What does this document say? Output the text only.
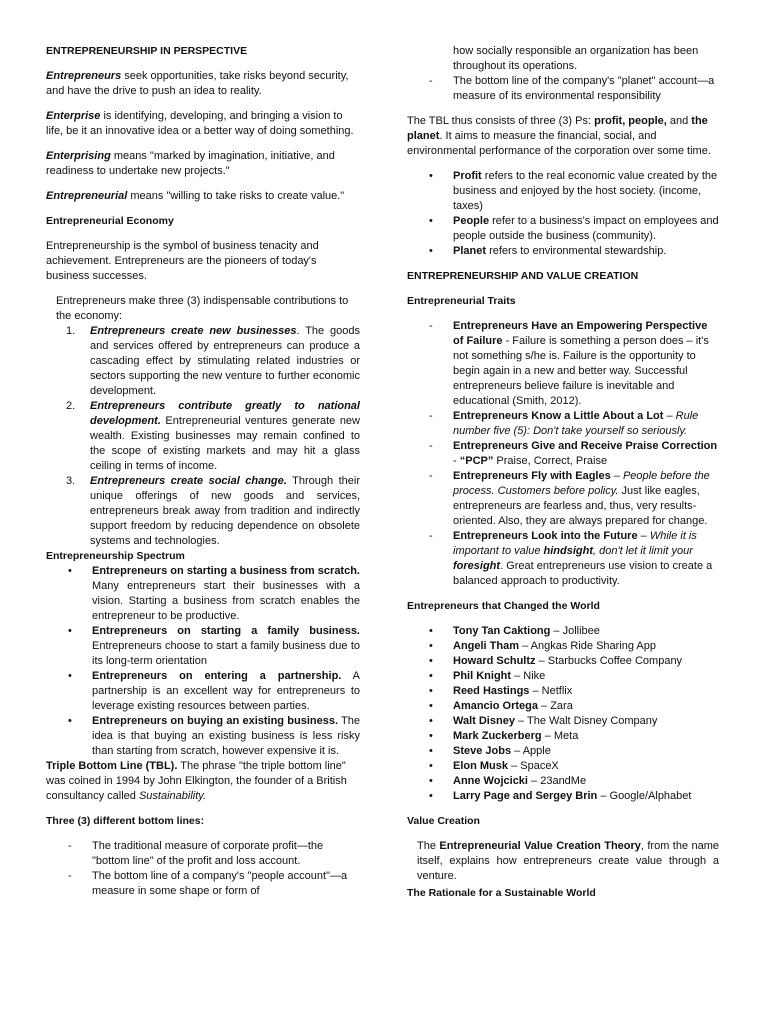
ENTREPRENEURSHIP IN PERSPECTIVE

Entrepreneurs seek opportunities, take risks beyond security, and have the drive to push an idea to reality.

Enterprise is identifying, developing, and bringing a vision to life, be it an innovative idea or a better way of doing something.

Enterprising means "marked by imagination, initiative, and readiness to undertake new projects."

Entrepreneurial means "willing to take risks to create value."

Entrepreneurial Economy

Entrepreneurship is the symbol of business tenacity and achievement. Entrepreneurs are the pioneers of today's business successes.

Entrepreneurs make three (3) indispensable contributions to the economy:
1. Entrepreneurs create new businesses. The goods and services offered by entrepreneurs can produce a cascading effect by stimulating related industries or sectors supporting the new venture to further economic development.
2. Entrepreneurs contribute greatly to national development. Entrepreneurial ventures generate new wealth. Existing businesses may remain confined to the scope of existing markets and may hit a glass ceiling in terms of income.
3. Entrepreneurs create social change. Through their unique offerings of new goods and services, entrepreneurs break away from tradition and indirectly support freedom by reducing dependence on obsolete systems and technologies.
Entrepreneurship Spectrum
• Entrepreneurs on starting a business from scratch. Many entrepreneurs start their businesses with a vision. Starting a business from scratch enables the entrepreneur to be productive.
• Entrepreneurs on starting a family business. Entrepreneurs choose to start a family business due to its long-term orientation
• Entrepreneurs on entering a partnership. A partnership is an excellent way for entrepreneurs to leverage existing resources between parties.
• Entrepreneurs on buying an existing business. The idea is that buying an existing business is less risky than starting from scratch, however expensive it is.

Triple Bottom Line (TBL). The phrase "the triple bottom line" was coined in 1994 by John Elkington, the founder of a British consultancy called Sustainability.

Three (3) different bottom lines:

- The traditional measure of corporate profit—the "bottom line" of the profit and loss account.
- The bottom line of a company's "people account"—a measure in some shape or form of
how socially responsible an organization has been throughout its operations.
- The bottom line of the company's "planet" account—a measure of its environmental responsibility

The TBL thus consists of three (3) Ps: profit, people, and the planet. It aims to measure the financial, social, and environmental performance of the corporation over some time.

• Profit refers to the real economic value created by the business and enjoyed by the host society. (income, taxes)
• People refer to a business's impact on employees and people outside the business (community).
• Planet refers to environmental stewardship.

ENTREPRENEURSHIP AND VALUE CREATION

Entrepreneurial Traits

- Entrepreneurs Have an Empowering Perspective of Failure - Failure is something a person does – it's not something s/he is. Failure is the opportunity to begin again in a new and better way. Successful entrepreneurs believe failure is inevitable and educational (Smith, 2012).
- Entrepreneurs Know a Little About a Lot – Rule number five (5): Don't take yourself so seriously.
- Entrepreneurs Give and Receive Praise Correction - “PCP” Praise, Correct, Praise
- Entrepreneurs Fly with Eagles – People before the process. Customers before policy. Just like eagles, entrepreneurs are fearless and, thus, very results-oriented. Also, they are always prepared for change.
- Entrepreneurs Look into the Future – While it is important to value hindsight, don't let it limit your foresight. Great entrepreneurs use vision to create a balanced approach to productivity.

Entrepreneurs that Changed the World

• Tony Tan Caktiong – Jollibee
• Angeli Tham – Angkas Ride Sharing App
• Howard Schultz – Starbucks Coffee Company
• Phil Knight – Nike
• Reed Hastings – Netflix
• Amancio Ortega – Zara
• Walt Disney – The Walt Disney Company
• Mark Zuckerberg – Meta
• Steve Jobs – Apple
• Elon Musk – SpaceX
• Anne Wojcicki – 23andMe
• Larry Page and Sergey Brin – Google/Alphabet

Value Creation

The Entrepreneurial Value Creation Theory, from the name itself, explains how entrepreneurs create value through a venture.
The Rationale for a Sustainable World
